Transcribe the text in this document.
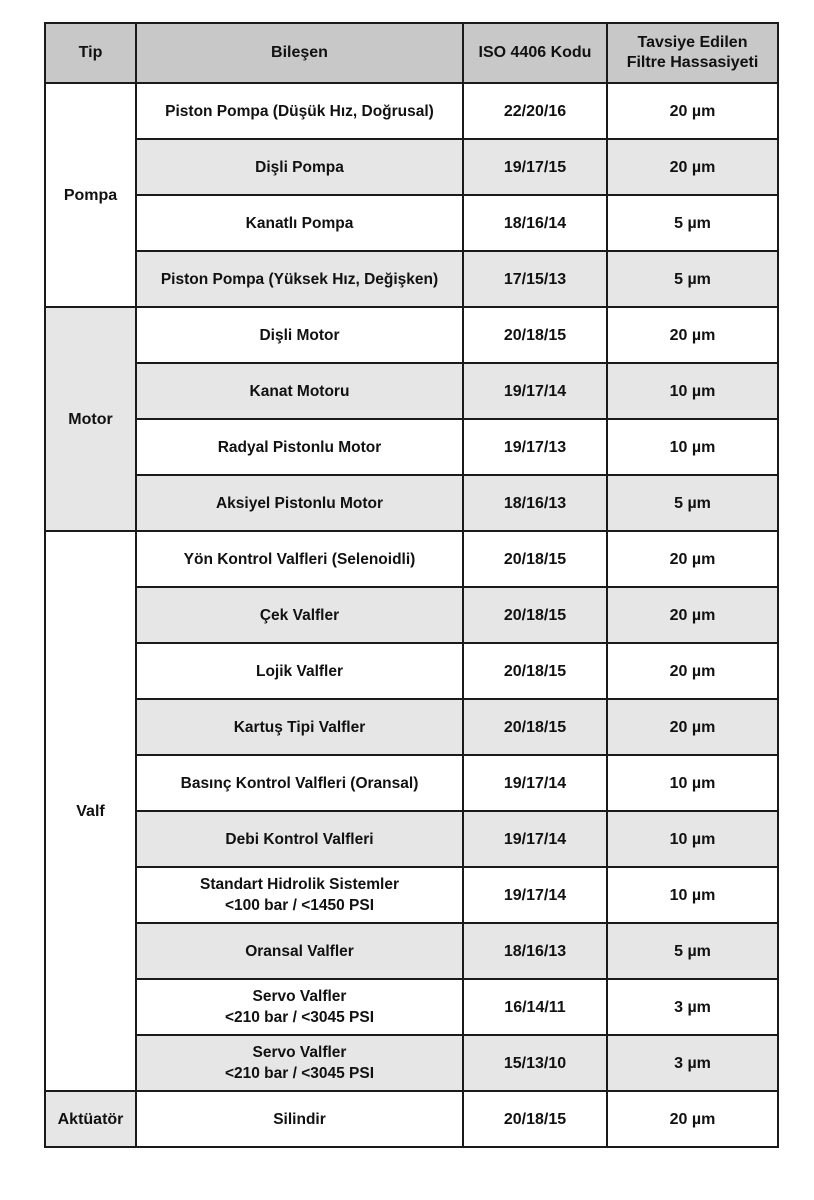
Tip	Bileşen	ISO 4406 Kodu	Tavsiye Edilen
Filtre Hassasiyeti
Pompa	Piston Pompa (Düşük Hız, Doğrusal)	22/20/16	20 µm
	Dişli Pompa	19/17/15	20 µm
	Kanatlı Pompa	18/16/14	5 µm
	Piston Pompa (Yüksek Hız, Değişken)	17/15/13	5 µm
Motor	Dişli Motor	20/18/15	20 µm
	Kanat Motoru	19/17/14	10 µm
	Radyal Pistonlu Motor	19/17/13	10 µm
	Aksiyel Pistonlu Motor	18/16/13	5 µm
Valf	Yön Kontrol Valfleri (Selenoidli)	20/18/15	20 µm
	Çek Valfler	20/18/15	20 µm
	Lojik Valfler	20/18/15	20 µm
	Kartuş Tipi Valfler	20/18/15	20 µm
	Basınç Kontrol Valfleri (Oransal)	19/17/14	10 µm
	Debi Kontrol Valfleri	19/17/14	10 µm
	Standart Hidrolik Sistemler
<100 bar / <1450 PSI	19/17/14	10 µm
	Oransal Valfler	18/16/13	5 µm
	Servo Valfler
<210 bar / <3045 PSI	16/14/11	3 µm
	Servo Valfler
<210 bar / <3045 PSI	15/13/10	3 µm
Aktüatör	Silindir	20/18/15	20 µm
